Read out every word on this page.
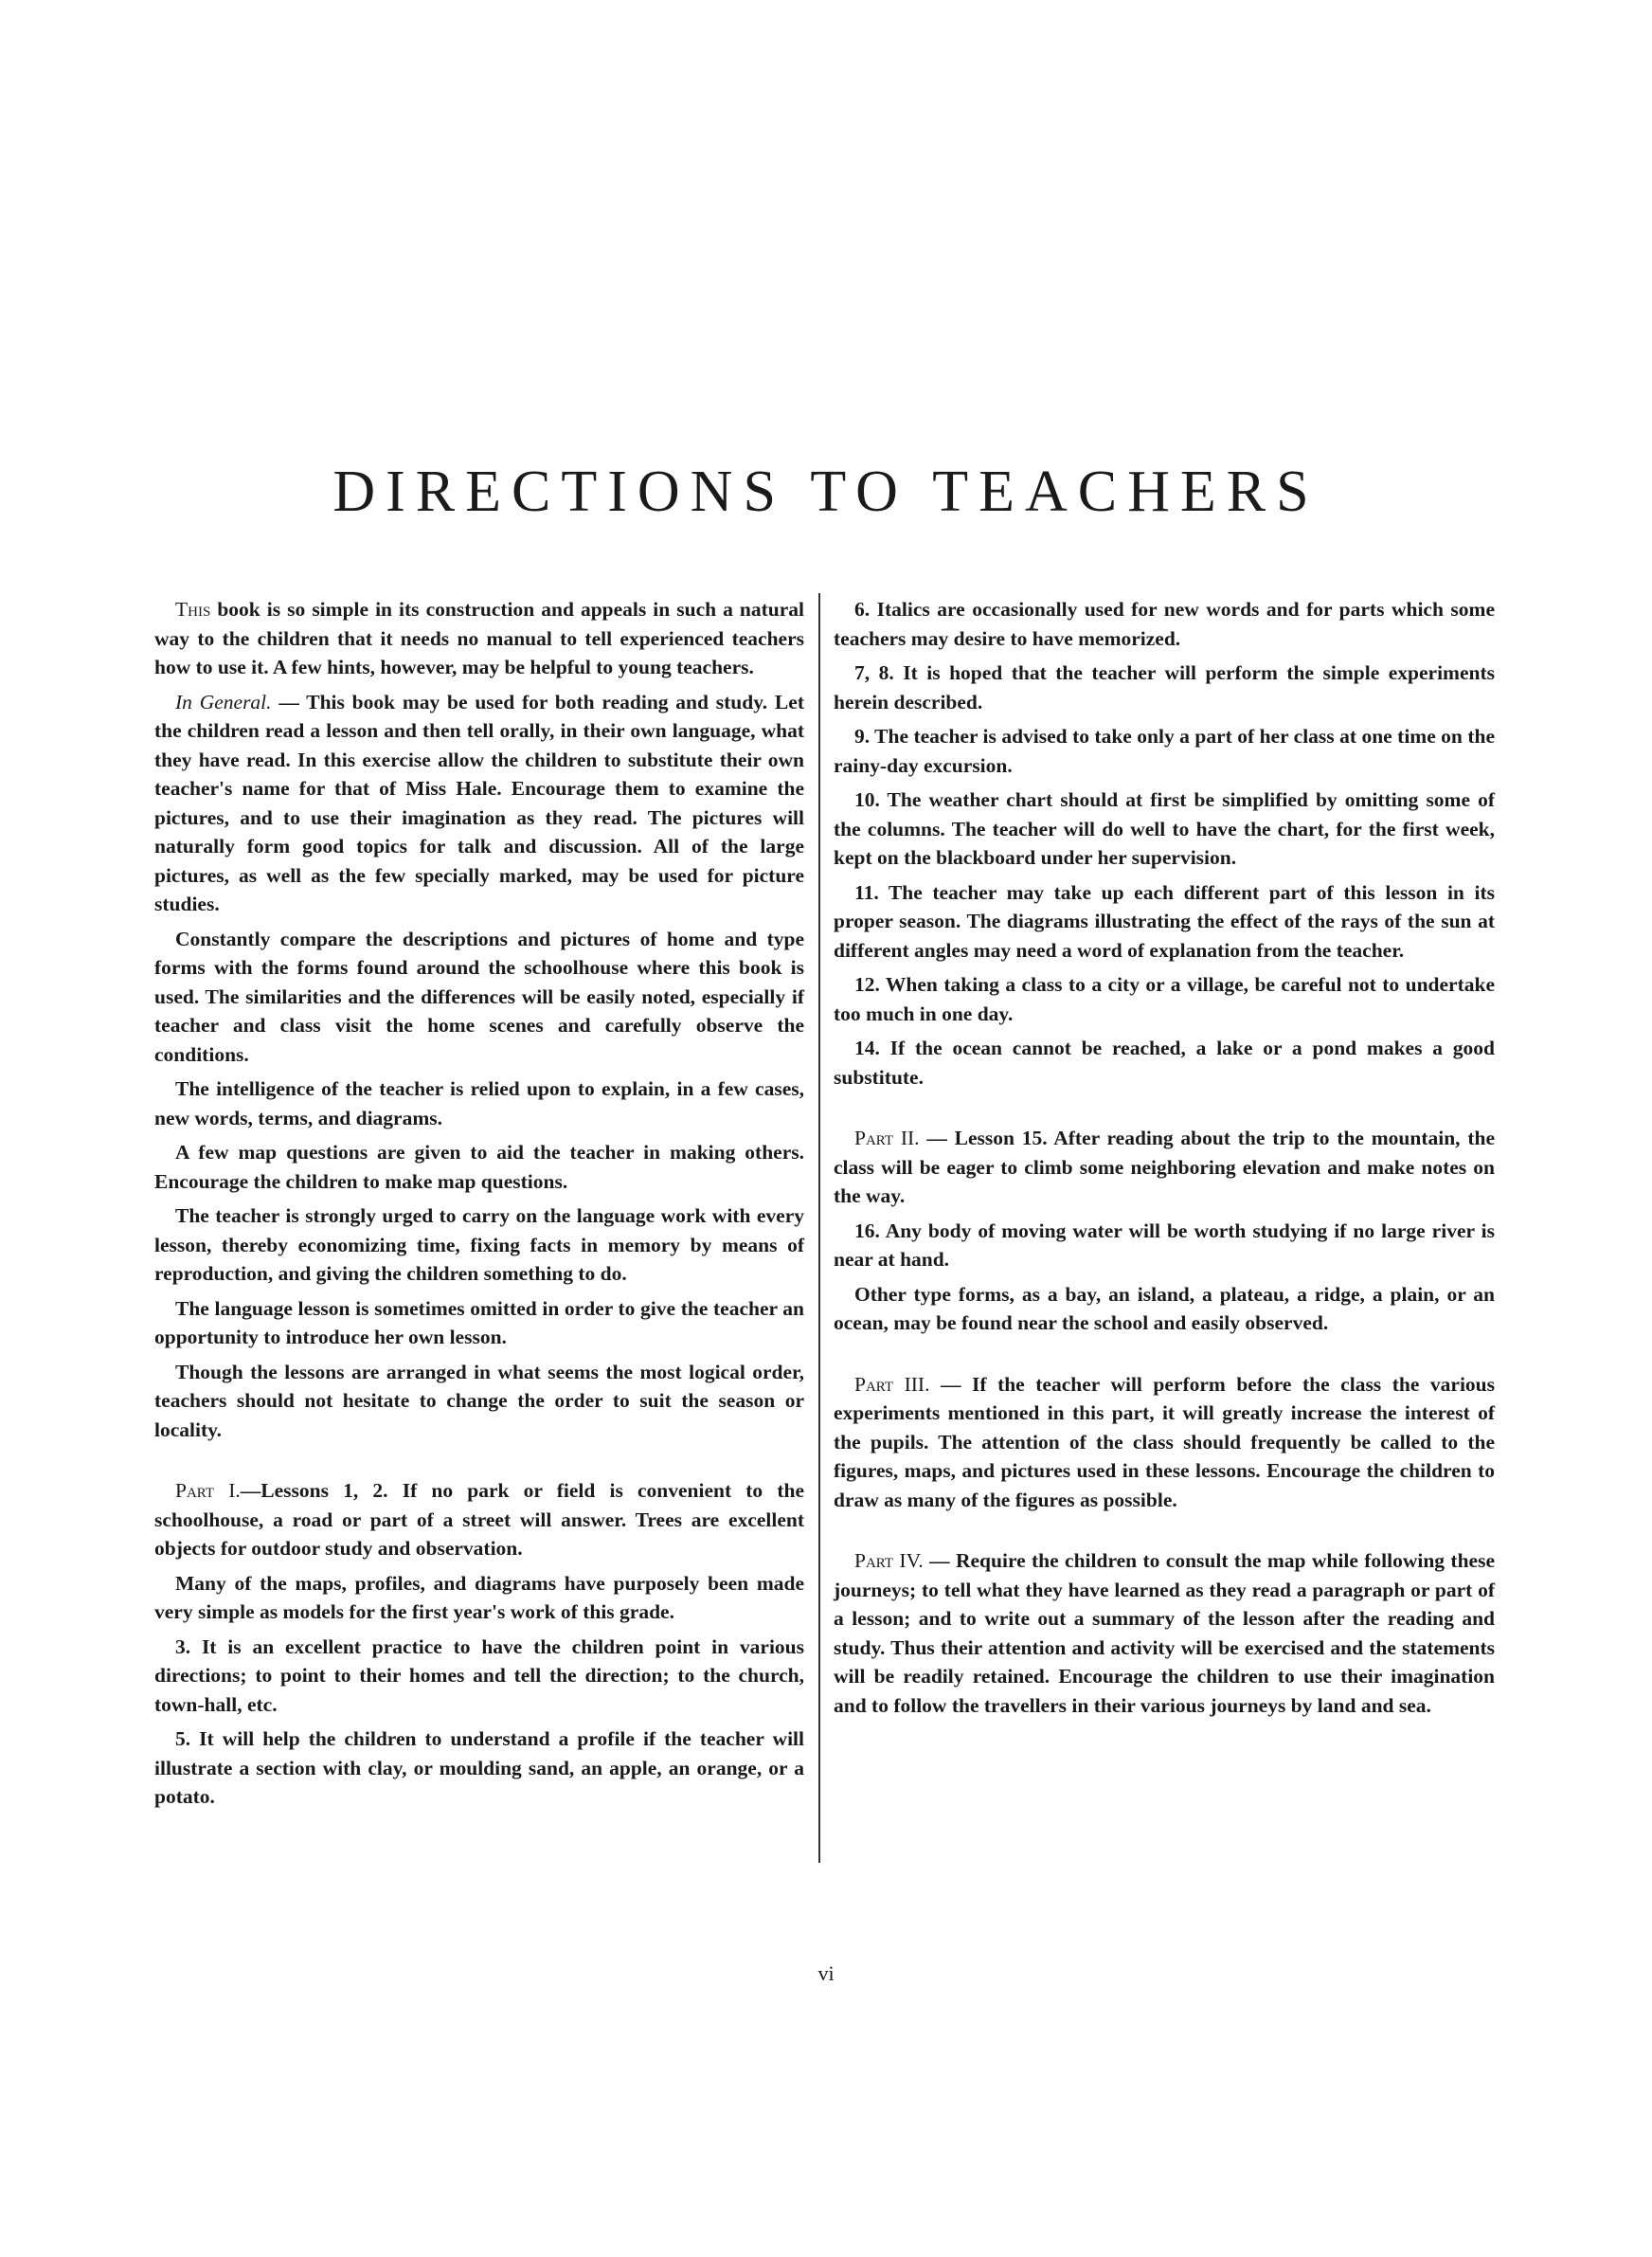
DIRECTIONS TO TEACHERS

This book is so simple in its construction and appeals in such a natural way to the children that it needs no manual to tell experienced teachers how to use it. A few hints, however, may be helpful to young teachers.

In General. — This book may be used for both reading and study. Let the children read a lesson and then tell orally, in their own language, what they have read. In this exercise allow the children to substitute their own teacher's name for that of Miss Hale. Encourage them to examine the pictures, and to use their imagination as they read. The pictures will naturally form good topics for talk and discussion. All of the large pictures, as well as the few specially marked, may be used for picture studies.

Constantly compare the descriptions and pictures of home and type forms with the forms found around the schoolhouse where this book is used. The similarities and the differences will be easily noted, especially if teacher and class visit the home scenes and carefully observe the conditions.

The intelligence of the teacher is relied upon to explain, in a few cases, new words, terms, and diagrams.

A few map questions are given to aid the teacher in making others. Encourage the children to make map questions.

The teacher is strongly urged to carry on the language work with every lesson, thereby economizing time, fixing facts in memory by means of reproduction, and giving the children something to do.

The language lesson is sometimes omitted in order to give the teacher an opportunity to introduce her own lesson.

Though the lessons are arranged in what seems the most logical order, teachers should not hesitate to change the order to suit the season or locality.

Part I.—Lessons 1, 2. If no park or field is convenient to the schoolhouse, a road or part of a street will answer. Trees are excellent objects for outdoor study and observation.

Many of the maps, profiles, and diagrams have purposely been made very simple as models for the first year's work of this grade.

3. It is an excellent practice to have the children point in various directions; to point to their homes and tell the direction; to the church, town-hall, etc.

5. It will help the children to understand a profile if the teacher will illustrate a section with clay, or moulding sand, an apple, an orange, or a potato.

6. Italics are occasionally used for new words and for parts which some teachers may desire to have memorized.

7, 8. It is hoped that the teacher will perform the simple experiments herein described.

9. The teacher is advised to take only a part of her class at one time on the rainy-day excursion.

10. The weather chart should at first be simplified by omitting some of the columns. The teacher will do well to have the chart, for the first week, kept on the blackboard under her supervision.

11. The teacher may take up each different part of this lesson in its proper season. The diagrams illustrating the effect of the rays of the sun at different angles may need a word of explanation from the teacher.

12. When taking a class to a city or a village, be careful not to undertake too much in one day.

14. If the ocean cannot be reached, a lake or a pond makes a good substitute.

Part II. — Lesson 15. After reading about the trip to the mountain, the class will be eager to climb some neighboring elevation and make notes on the way.

16. Any body of moving water will be worth studying if no large river is near at hand.

Other type forms, as a bay, an island, a plateau, a ridge, a plain, or an ocean, may be found near the school and easily observed.

Part III. — If the teacher will perform before the class the various experiments mentioned in this part, it will greatly increase the interest of the pupils. The attention of the class should frequently be called to the figures, maps, and pictures used in these lessons. Encourage the children to draw as many of the figures as possible.

Part IV. — Require the children to consult the map while following these journeys; to tell what they have learned as they read a paragraph or part of a lesson; and to write out a summary of the lesson after the reading and study. Thus their attention and activity will be exercised and the statements will be readily retained. Encourage the children to use their imagination and to follow the travellers in their various journeys by land and sea.

vi
